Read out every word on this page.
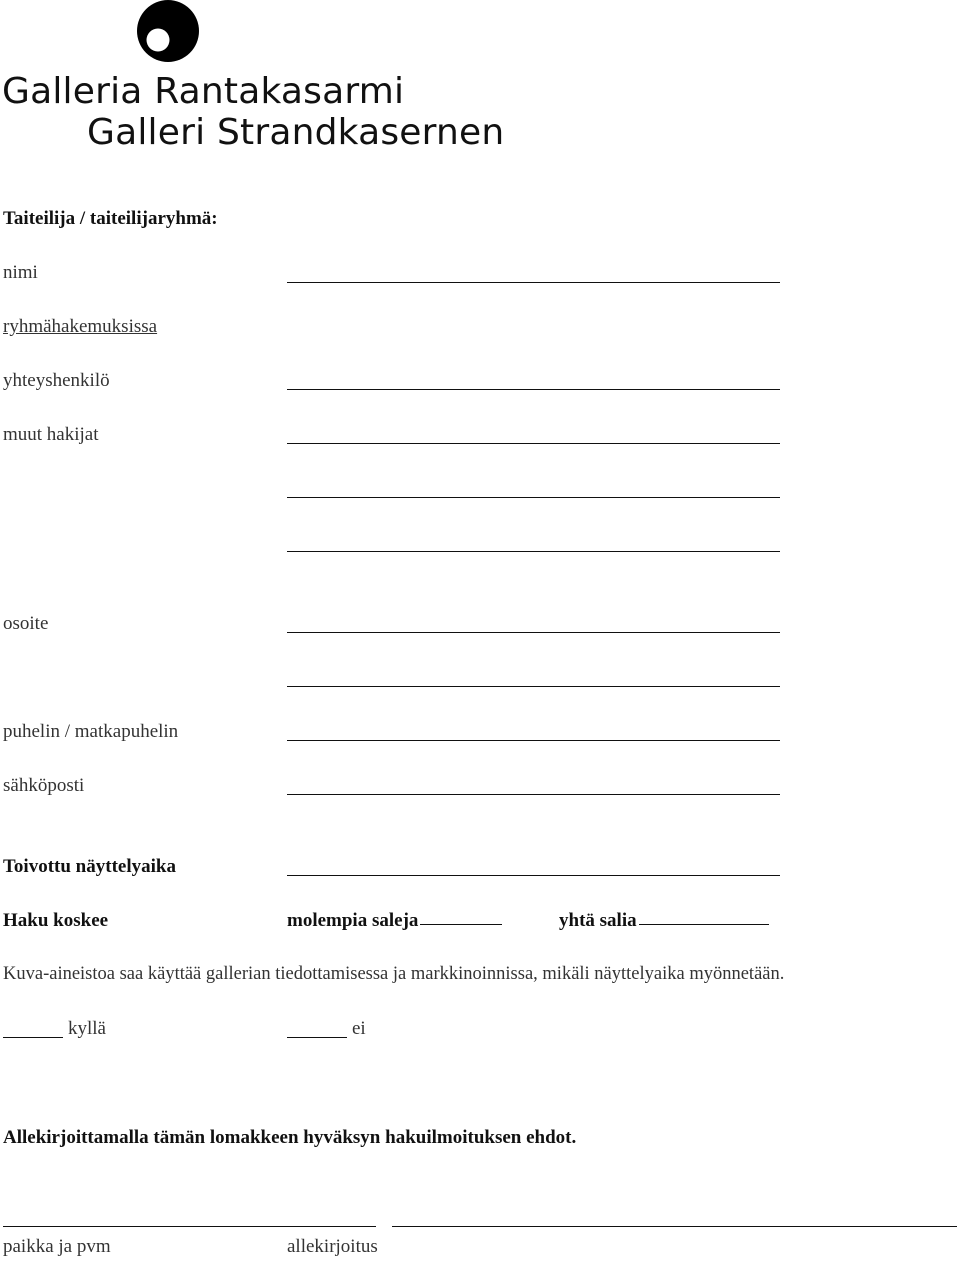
Galleria Rantakasarmi
Galleri Strandkasernen
Taiteilija / taiteilijaryhmä:
nimi
ryhmähakemuksissa
yhteyshenkilö
muut hakijat
osoite
puhelin / matkapuhelin
sähköposti
Toivottu näyttelyaika
Haku koskee	molempia saleja	yhtä salia
Kuva-aineistoa saa käyttää gallerian tiedottamisessa ja markkinoinnissa, mikäli näyttelyaika myönnetään.
kyllä	ei
Allekirjoittamalla tämän lomakkeen hyväksyn hakuilmoituksen ehdot.
paikka ja pvm	allekirjoitus
